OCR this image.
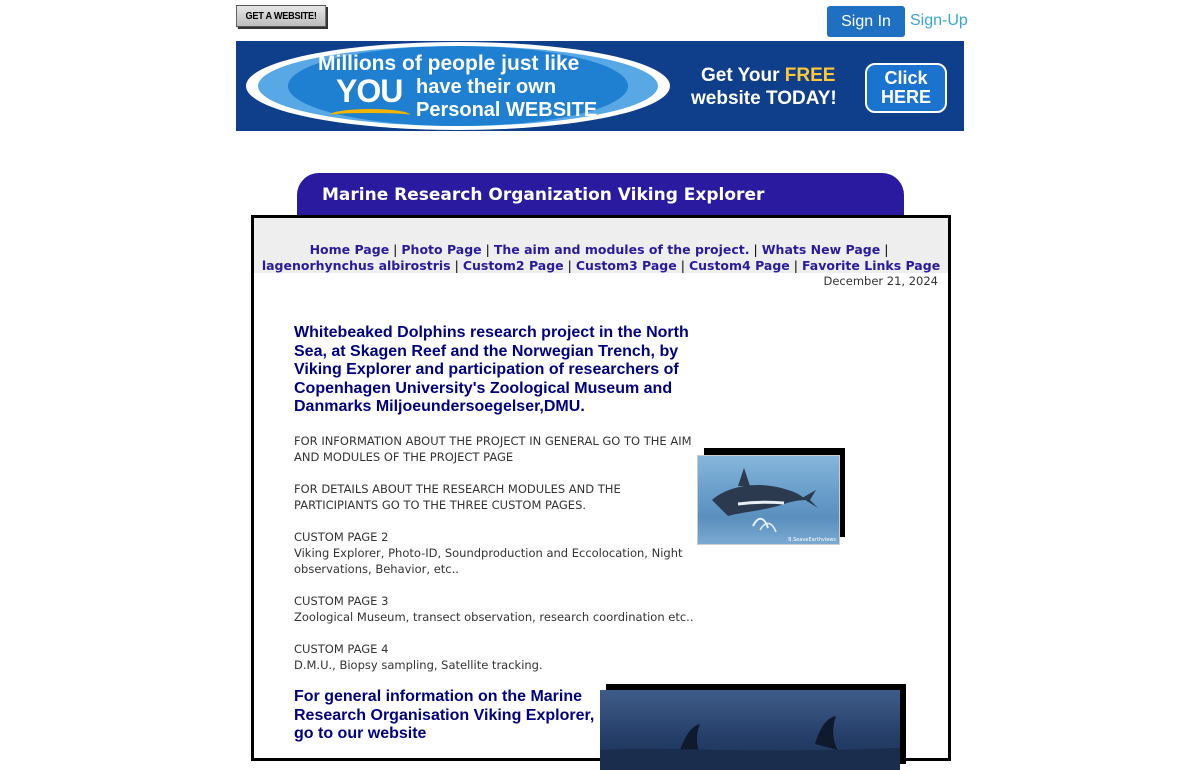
GET A WEBSITE!	Sign In	Sign-Up
Millions of people just like
YOU have their own
Personal WEBSITE
Get Your FREE
website TODAY!
Click
HERE
Marine Research Organization Viking Explorer
Home Page | Photo Page | The aim and modules of the project. | Whats New Page |
lagenorhynchus albirostris | Custom2 Page | Custom3 Page | Custom4 Page | Favorite Links Page
December 21, 2024

Whitebeaked Dolphins research project in the North Sea, at Skagen Reef and the Norwegian Trench, by Viking Explorer and participation of researchers of Copenhagen University's Zoological Museum and Danmarks Miljoeundersoegelser,DMU.

FOR INFORMATION ABOUT THE PROJECT IN GENERAL GO TO THE AIM AND MODULES OF THE PROJECT PAGE

FOR DETAILS ABOUT THE RESEARCH MODULES AND THE PARTICIPIANTS GO TO THE THREE CUSTOM PAGES.

CUSTOM PAGE 2

Viking Explorer, Photo-ID, Soundproduction and Eccolocation, Night observations, Behavior, etc..

CUSTOM PAGE 3

Zoological Museum, transect observation, research coordination etc..

CUSTOM PAGE 4

D.M.U., Biopsy sampling, Satellite tracking.

B.SeaveEarthviews

For general information on the Marine Research Organisation Viking Explorer, go to our website
